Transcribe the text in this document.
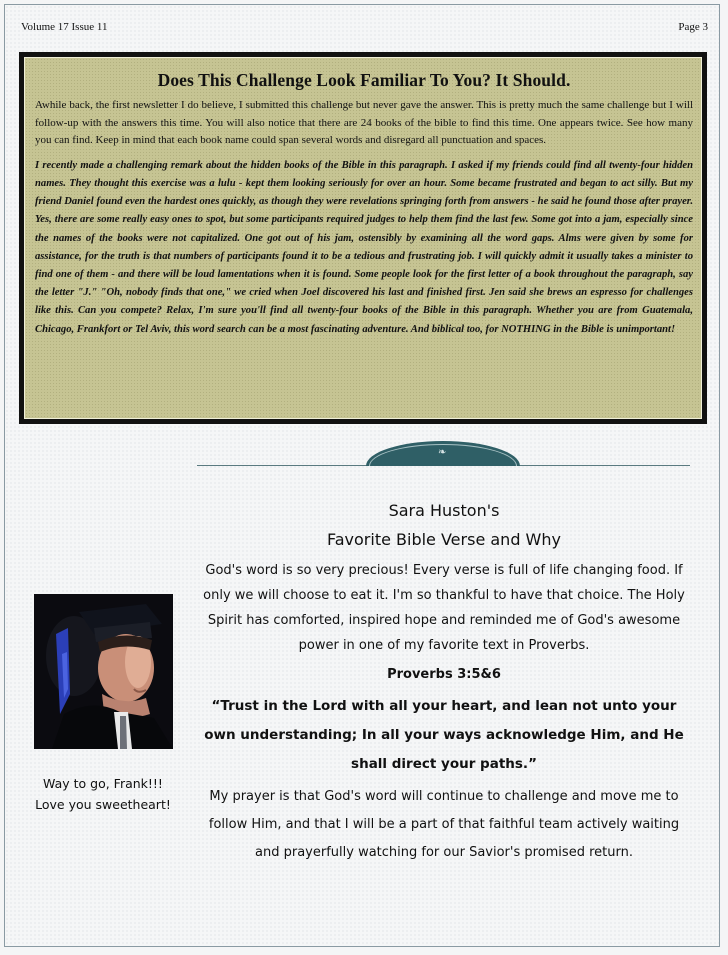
Volume 17 Issue 11	Page 3
Does This Challenge Look Familiar To You? It Should.

Awhile back, the first newsletter I do believe, I submitted this challenge but never gave the answer. This is pretty much the same challenge but I will follow-up with the answers this time. You will also notice that there are 24 books of the bible to find this time. One appears twice. See how many you can find. Keep in mind that each book name could span several words and disregard all punctuation and spaces.

I recently made a challenging remark about the hidden books of the Bible in this paragraph. I asked if my friends could find all twenty-four hidden names. They thought this exercise was a lulu - kept them looking seriously for over an hour. Some became frustrated and began to act silly. But my friend Daniel found even the hardest ones quickly, as though they were revelations springing forth from answers - he said he found those after prayer. Yes, there are some really easy ones to spot, but some participants required judges to help them find the last few. Some got into a jam, especially since the names of the books were not capitalized. One got out of his jam, ostensibly by examining all the word gaps. Alms were given by some for assistance, for the truth is that numbers of participants found it to be a tedious and frustrating job. I will quickly admit it usually takes a minister to find one of them - and there will be loud lamentations when it is found. Some people look for the first letter of a book throughout the paragraph, say the letter "J." "Oh, nobody finds that one," we cried when Joel discovered his last and finished first. Jen said she brews an espresso for challenges like this. Can you compete? Relax, I'm sure you'll find all twenty-four books of the Bible in this paragraph. Whether you are from Guatemala, Chicago, Frankfort or Tel Aviv, this word search can be a most fascinating adventure. And biblical too, for NOTHING in the Bible is unimportant!

❧
Way to go, Frank!!!
Love you sweetheart!

Sara Huston's

Favorite Bible Verse and Why

God's word is so very precious! Every verse is full of life changing food. If only we will choose to eat it. I'm so thankful to have that choice. The Holy Spirit has comforted, inspired hope and reminded me of God's awesome power in one of my favorite text in Proverbs.

Proverbs 3:5&6

“Trust in the Lord with all your heart, and lean not unto your own understanding; In all your ways acknowledge Him, and He shall direct your paths.”

My prayer is that God's word will continue to challenge and move me to follow Him, and that I will be a part of that faithful team actively waiting and prayerfully watching for our Savior's promised return.
